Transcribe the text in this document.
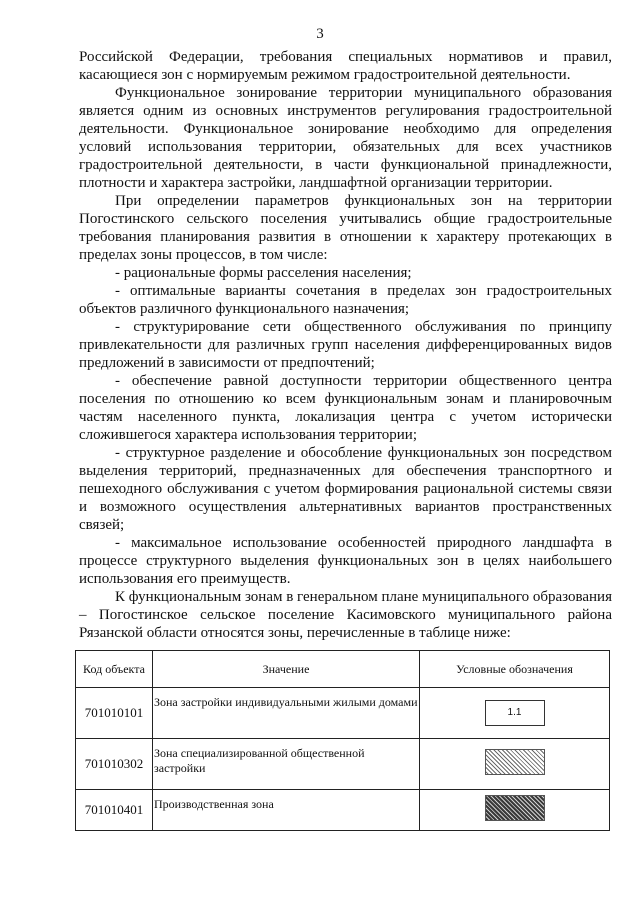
3

Российской Федерации, требования специальных нормативов и правил, касающиеся зон с нормируемым режимом градостроительной деятельности.

Функциональное зонирование территории муниципального образования является одним из основных инструментов регулирования градостроительной деятельности. Функциональное зонирование необходимо для определения условий использования территории, обязательных для всех участников градостроительной деятельности, в части функциональной принадлежности, плотности и характера застройки, ландшафтной организации территории.

При определении параметров функциональных зон на территории Погостинского сельского поселения учитывались общие градостроительные требования планирования развития в отношении к характеру протекающих в пределах зоны процессов, в том числе:

- рациональные формы расселения населения;

- оптимальные варианты сочетания в пределах зон градостроительных объектов различного функционального назначения;

- структурирование сети общественного обслуживания по принципу привлекательности для различных групп населения дифференцированных видов предложений в зависимости от предпочтений;

- обеспечение равной доступности территории общественного центра поселения по отношению ко всем функциональным зонам и планировочным частям населенного пункта, локализация центра с учетом исторически сложившегося характера использования территории;

- структурное разделение и обособление функциональных зон посредством выделения территорий, предназначенных для обеспечения транспортного и пешеходного обслуживания с учетом формирования рациональной системы связи и возможного осуществления альтернативных вариантов пространственных связей;

- максимальное использование особенностей природного ландшафта в процессе структурного выделения функциональных зон в целях наибольшего использования его преимуществ.

К функциональным зонам в генеральном плане муниципального образования – Погостинское сельское поселение Касимовского муниципального района Рязанской области относятся зоны, перечисленные в таблице ниже:

Код объекта	Значение	Условные обозначения
701010101	Зона застройки индивидуальными жилыми домами	1.1
701010302	Зона специализированной общественной застройки	
701010401	Производственная зона	
